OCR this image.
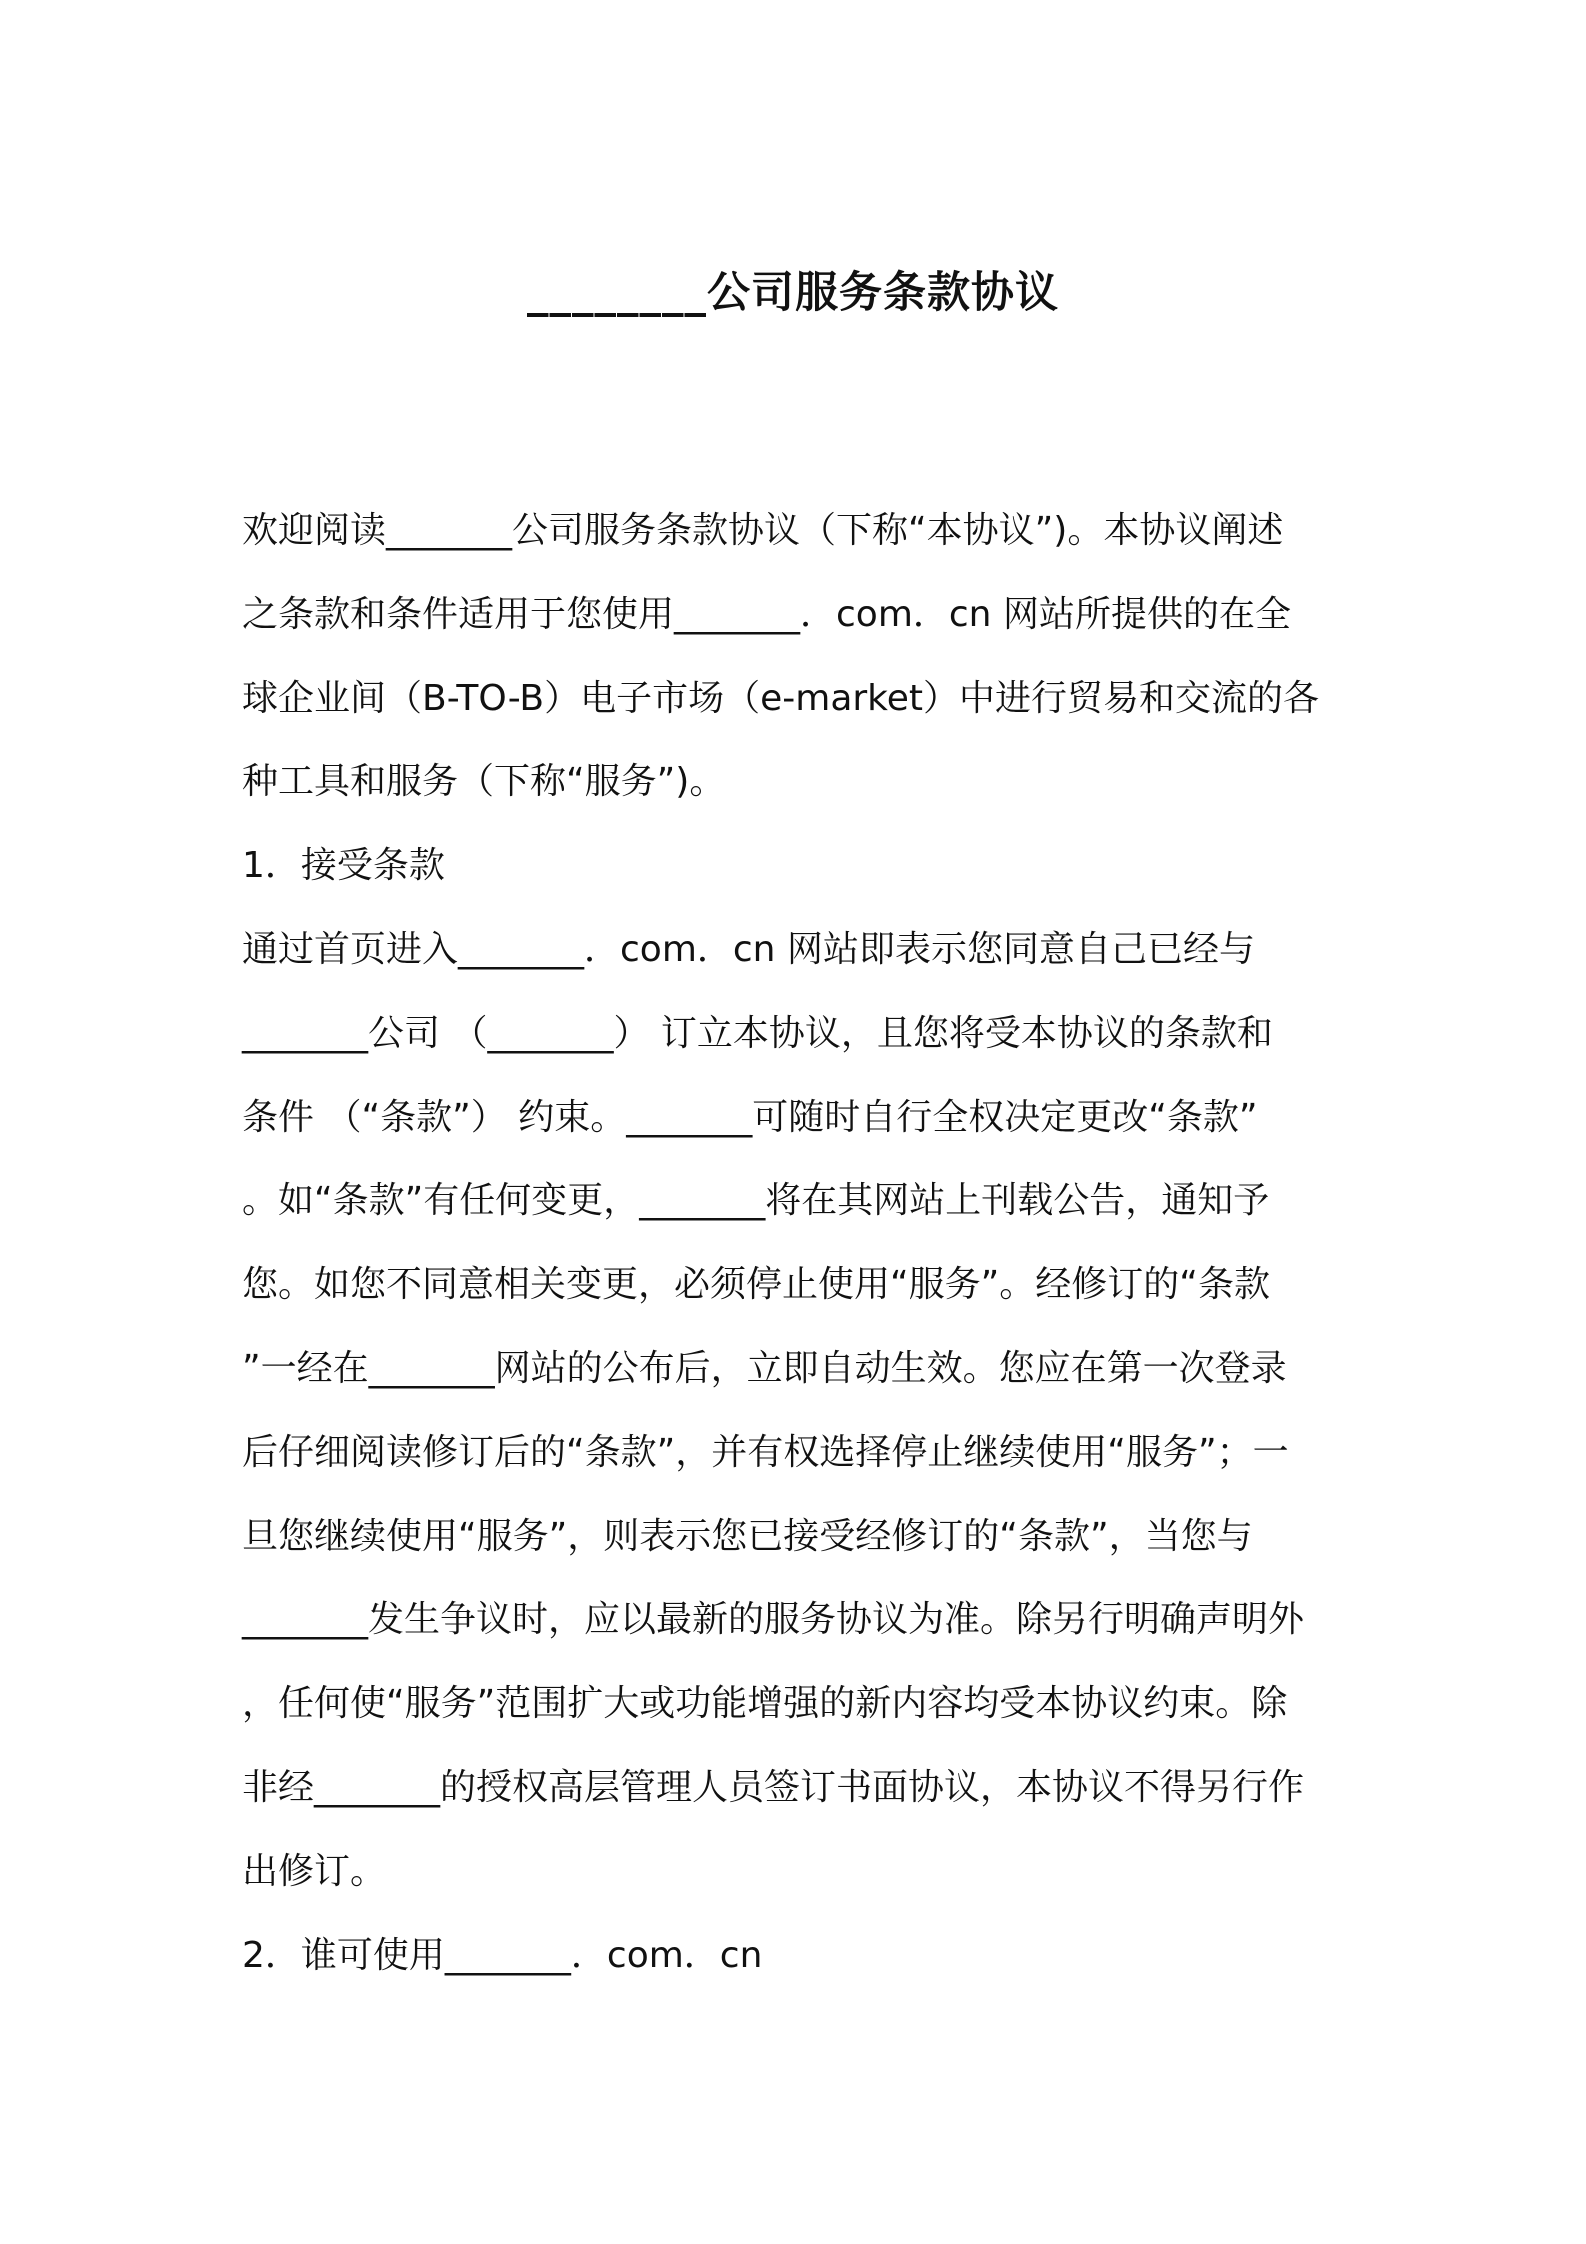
________公司服务条款协议
欢迎阅读_______公司服务条款协议（下称“本协议”)。本协议阐述
之条款和条件适用于您使用_______．com．cn 网站所提供的在全
球企业间（B-TO-B）电子市场（e-market）中进行贸易和交流的各
种工具和服务（下称“服务”)。
1．接受条款
通过首页进入_______．com．cn 网站即表示您同意自己已经与
_______公司 （_______） 订立本协议，且您将受本协议的条款和
条件 （“条款”） 约束。_______可随时自行全权决定更改“条款”
。如“条款”有任何变更，_______将在其网站上刊载公告，通知予
您。如您不同意相关变更，必须停止使用“服务”。经修订的“条款
”一经在_______网站的公布后，立即自动生效。您应在第一次登录
后仔细阅读修订后的“条款”，并有权选择停止继续使用“服务”；一
旦您继续使用“服务”，则表示您已接受经修订的“条款”，当您与
_______发生争议时，应以最新的服务协议为准。除另行明确声明外
，任何使“服务”范围扩大或功能增强的新内容均受本协议约束。除
非经_______的授权高层管理人员签订书面协议，本协议不得另行作
出修订。
2．谁可使用_______．com．cn
